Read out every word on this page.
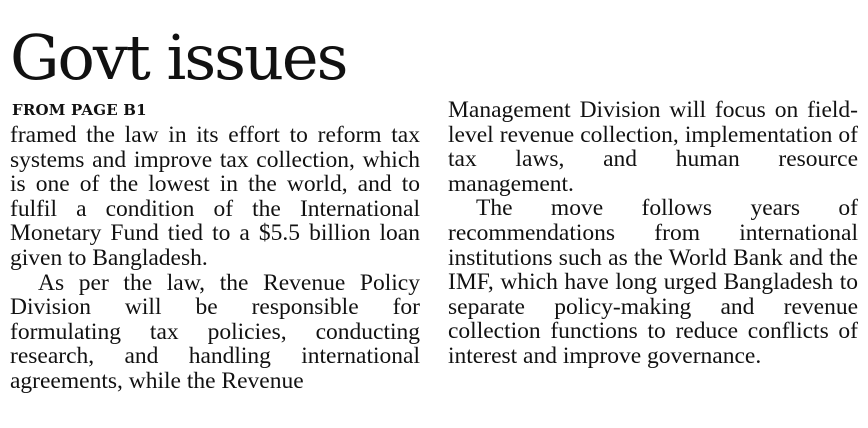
Govt issues
FROM PAGE B1

framed the law in its effort to reform tax systems and improve tax collection, which is one of the lowest in the world, and to fulfil a condition of the International Monetary Fund tied to a $5.5 billion loan given to Bangladesh.

As per the law, the Revenue Policy Division will be responsible for formulating tax policies, conducting research, and handling international agreements, while the Revenue

Management Division will focus on field-level revenue collection, implementation of tax laws, and human resource management.

The move follows years of recommendations from international institutions such as the World Bank and the IMF, which have long urged Bangladesh to separate policy-making and revenue collection functions to reduce conflicts of interest and improve governance.
